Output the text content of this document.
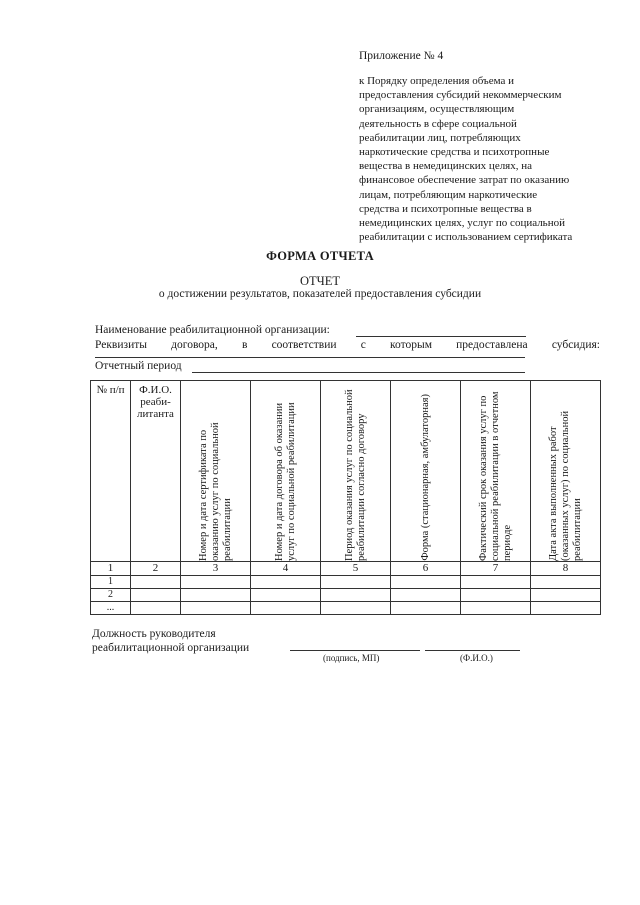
Приложение № 4
к Порядку определения объема и
предоставления субсидий некоммерческим
организациям, осуществляющим
деятельность в сфере социальной
реабилитации лиц, потребляющих
наркотические средства и психотропные
вещества в немедицинских целях, на
финансовое обеспечение затрат по оказанию
лицам, потребляющим наркотические
средства и психотропные вещества в
немедицинских целях, услуг по социальной
реабилитации с использованием сертификата
ФОРМА ОТЧЕТА
ОТЧЕТ
о достижении результатов, показателей предоставления субсидии
Наименование реабилитационной организации:
Реквизиты договора, в соответствии с которым предоставлена субсидия:
Отчетный период
№ п/п	Ф.И.О. реаби- литанта	Номер и дата сертификата по оказанию услуг по социальной реабилитации	Номер и дата договора об оказании услуг по социальной реабилитации	Период оказания услуг по социальной реабилитации согласно договору	Форма (стационарная, амбулаторная)	Фактический срок оказания услуг по социальной реабилитации в отчетном периоде	Дата акта выполненных работ (оказанных услуг) по социальной реабилитации

1	2	3	4	5	6	7	8
1							
2							
...							
Должность руководителя
реабилитационной организации
(подпись, МП)	(Ф.И.О.)
